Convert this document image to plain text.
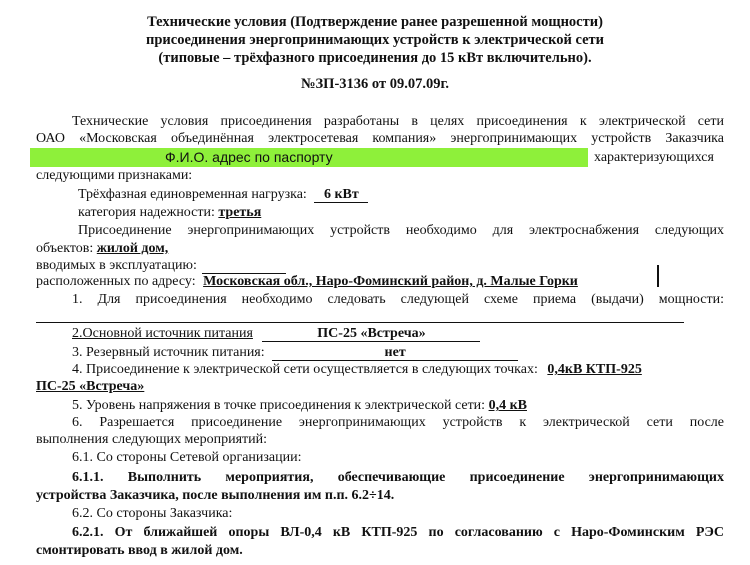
Технические условия (Подтверждение ранее разрешенной мощности)
присоединения энергопринимающих устройств к электрической сети
(типовые – трёхфазного присоединения до 15 кВт включительно).
№ЗП-3136 от 09.07.09г.
Технические условия присоединения разработаны в целях присоединения к электрической сети
ОАО «Московская объединённая электросетевая компания» энергопринимающих устройств Заказчика
Ф.И.О. адрес по паспорту	характеризующихся
следующими признаками:
Трёхфазная единовременная нагрузка: 6 кВт
категория надежности: третья
Присоединение энергопринимающих устройств необходимо для электроснабжения следующих
объектов: жилой дом,
вводимых в эксплуатацию:
расположенных по адресу: Московская обл., Наро-Фоминский район, д. Малые Горки
1. Для присоединения необходимо следовать следующей схеме приема (выдачи) мощности:
2.Основной источник питания	ПС-25 «Встреча»
3. Резервный источник питания:	нет
4. Присоединение к электрической сети осуществляется в следующих точках: 0,4кВ КТП-925
ПС-25 «Встреча»
5. Уровень напряжения в точке присоединения к электрической сети: 0,4 кВ
6. Разрешается присоединение энергопринимающих устройств к электрической сети после
выполнения следующих мероприятий:
6.1. Со стороны Сетевой организации:
6.1.1. Выполнить мероприятия, обеспечивающие присоединение энергопринимающих
устройства Заказчика, после выполнения им п.п. 6.2÷14.
6.2. Со стороны Заказчика:
6.2.1. От ближайшей опоры ВЛ-0,4 кВ КТП-925 по согласованию с Наро-Фоминским РЭС
смонтировать ввод в жилой дом.
